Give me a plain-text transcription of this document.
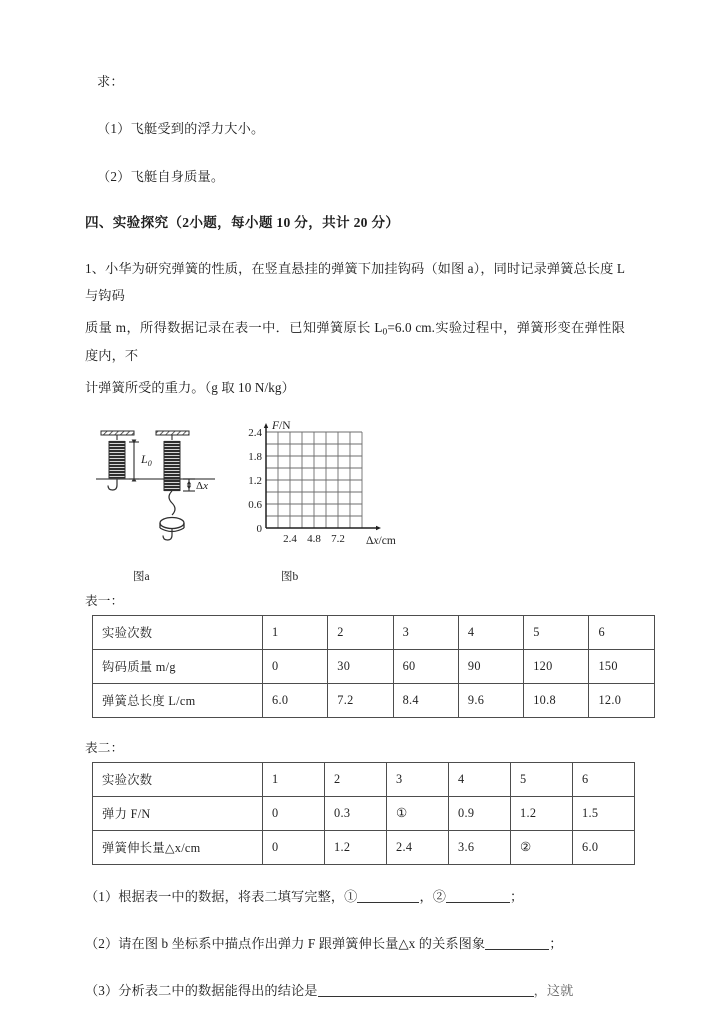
求：
（1）飞艇受到的浮力大小。
（2）飞艇自身质量。
四、实验探究（2小题，每小题 10 分，共计 20 分）
1、小华为研究弹簧的性质，在竖直悬挂的弹簧下加挂钩码（如图 a），同时记录弹簧总长度 L 与钩码
质量 m，所得数据记录在表一中．已知弹簧原长 $L_0=6.0$ cm.实验过程中，弹簧形变在弹性限度内，不
计弹簧所受的重力。（g 取 10 N/kg）
$L_0$
Δx
2.4
1.8
1.2
0.6
0
2.4 4.8 7.2
F/N
Δx/cm
图a	图b
表一：
实验次数	1	2	3	4	5	6
钩码质量 m/g	0	30	60	90	120	150
弹簧总长度 L/cm	6.0	7.2	8.4	9.6	10.8	12.0
表二：
实验次数	1	2	3	4	5	6
弹力 F/N	0	0.3	①	0.9	1.2	1.5
弹簧伸长量△x/cm	0	1.2	2.4	3.6	②	6.0
（1）根据表一中的数据，将表二填写完整，①	，②	；
（2）请在图 b 坐标系中描点作出弹力 F 跟弹簧伸长量△x 的关系图象	；
（3）分析表二中的数据能得出的结论是	，这就
